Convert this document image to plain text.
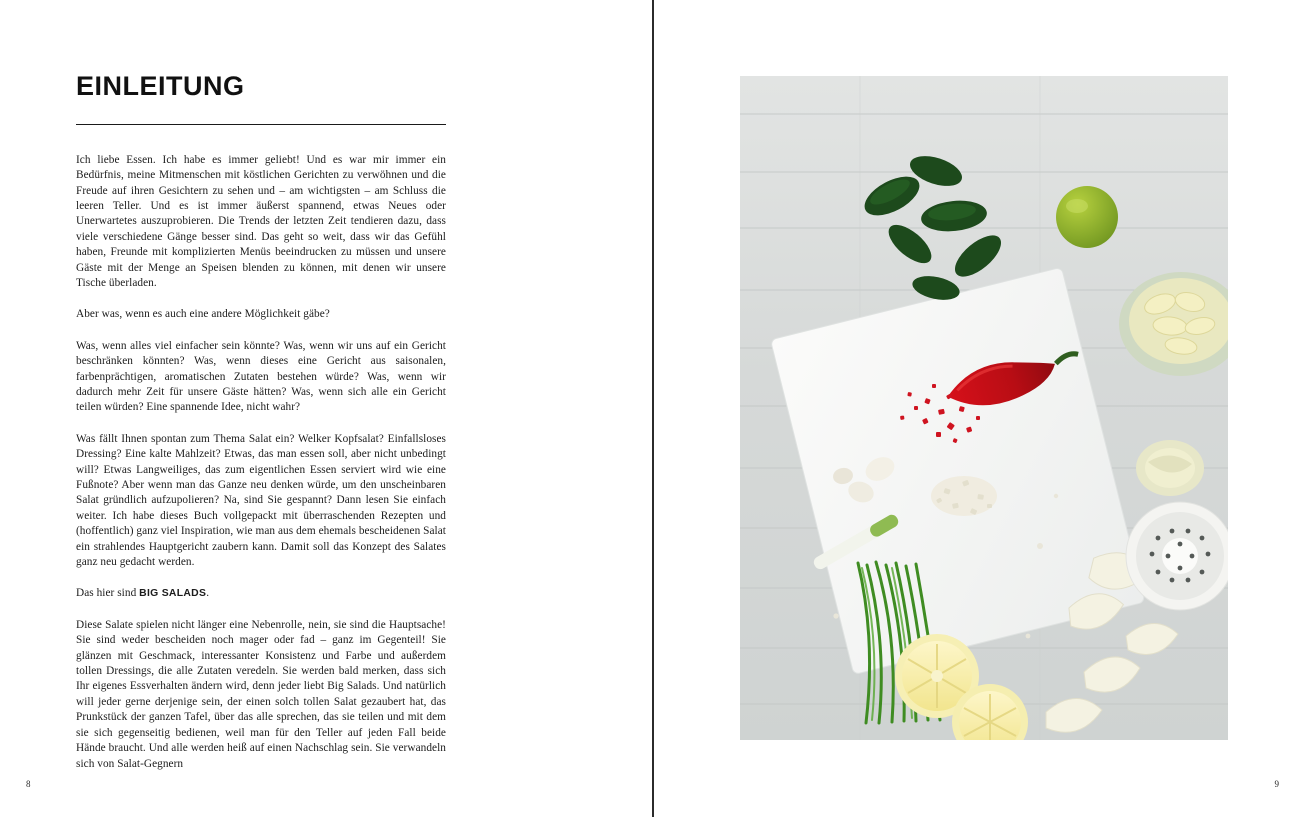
EINLEITUNG

Ich liebe Essen. Ich habe es immer geliebt! Und es war mir immer ein Bedürfnis, meine Mitmenschen mit köstlichen Gerichten zu verwöhnen und die Freude auf ihren Gesichtern zu sehen und – am wichtigsten – am Schluss die leeren Teller. Und es ist immer äußerst spannend, etwas Neues oder Unerwartetes auszuprobieren. Die Trends der letzten Zeit tendieren dazu, dass viele verschiedene Gänge besser sind. Das geht so weit, dass wir das Gefühl haben, Freunde mit komplizierten Menüs beeindrucken zu müssen und unsere Gäste mit der Menge an Speisen blenden zu können, mit denen wir unsere Tische überladen.

Aber was, wenn es auch eine andere Möglichkeit gäbe?

Was, wenn alles viel einfacher sein könnte? Was, wenn wir uns auf ein Gericht beschränken könnten? Was, wenn dieses eine Gericht aus saisonalen, farbenprächtigen, aromatischen Zutaten bestehen würde? Was, wenn wir dadurch mehr Zeit für unsere Gäste hätten? Was, wenn sich alle ein Gericht teilen würden? Eine spannende Idee, nicht wahr?

Was fällt Ihnen spontan zum Thema Salat ein? Welker Kopfsalat? Einfallsloses Dressing? Eine kalte Mahlzeit? Etwas, das man essen soll, aber nicht unbedingt will? Etwas Langweiliges, das zum eigentlichen Essen serviert wird wie eine Fußnote? Aber wenn man das Ganze neu denken würde, um den unscheinbaren Salat gründlich aufzupolieren? Na, sind Sie gespannt? Dann lesen Sie einfach weiter. Ich habe dieses Buch vollgepackt mit überraschenden Rezepten und (hoffentlich) ganz viel Inspiration, wie man aus dem ehemals bescheidenen Salat ein strahlendes Hauptgericht zaubern kann. Damit soll das Konzept des Salates ganz neu gedacht werden.

Das hier sind BIG SALADS.

Diese Salate spielen nicht länger eine Nebenrolle, nein, sie sind die Hauptsache! Sie sind weder bescheiden noch mager oder fad – ganz im Gegenteil! Sie glänzen mit Geschmack, interessanter Konsistenz und Farbe und außerdem tollen Dressings, die alle Zutaten veredeln. Sie werden bald merken, dass sich Ihr eigenes Essverhalten ändern wird, denn jeder liebt Big Salads. Und natürlich will jeder gerne derjenige sein, der einen solch tollen Salat gezaubert hat, das Prunkstück der ganzen Tafel, über das alle sprechen, das sie teilen und mit dem sie sich gegenseitig bedienen, weil man für den Teller auf jeden Fall beide Hände braucht. Und alle werden heiß auf einen Nachschlag sein. Sie verwandeln sich von Salat-Gegnern

8	9
